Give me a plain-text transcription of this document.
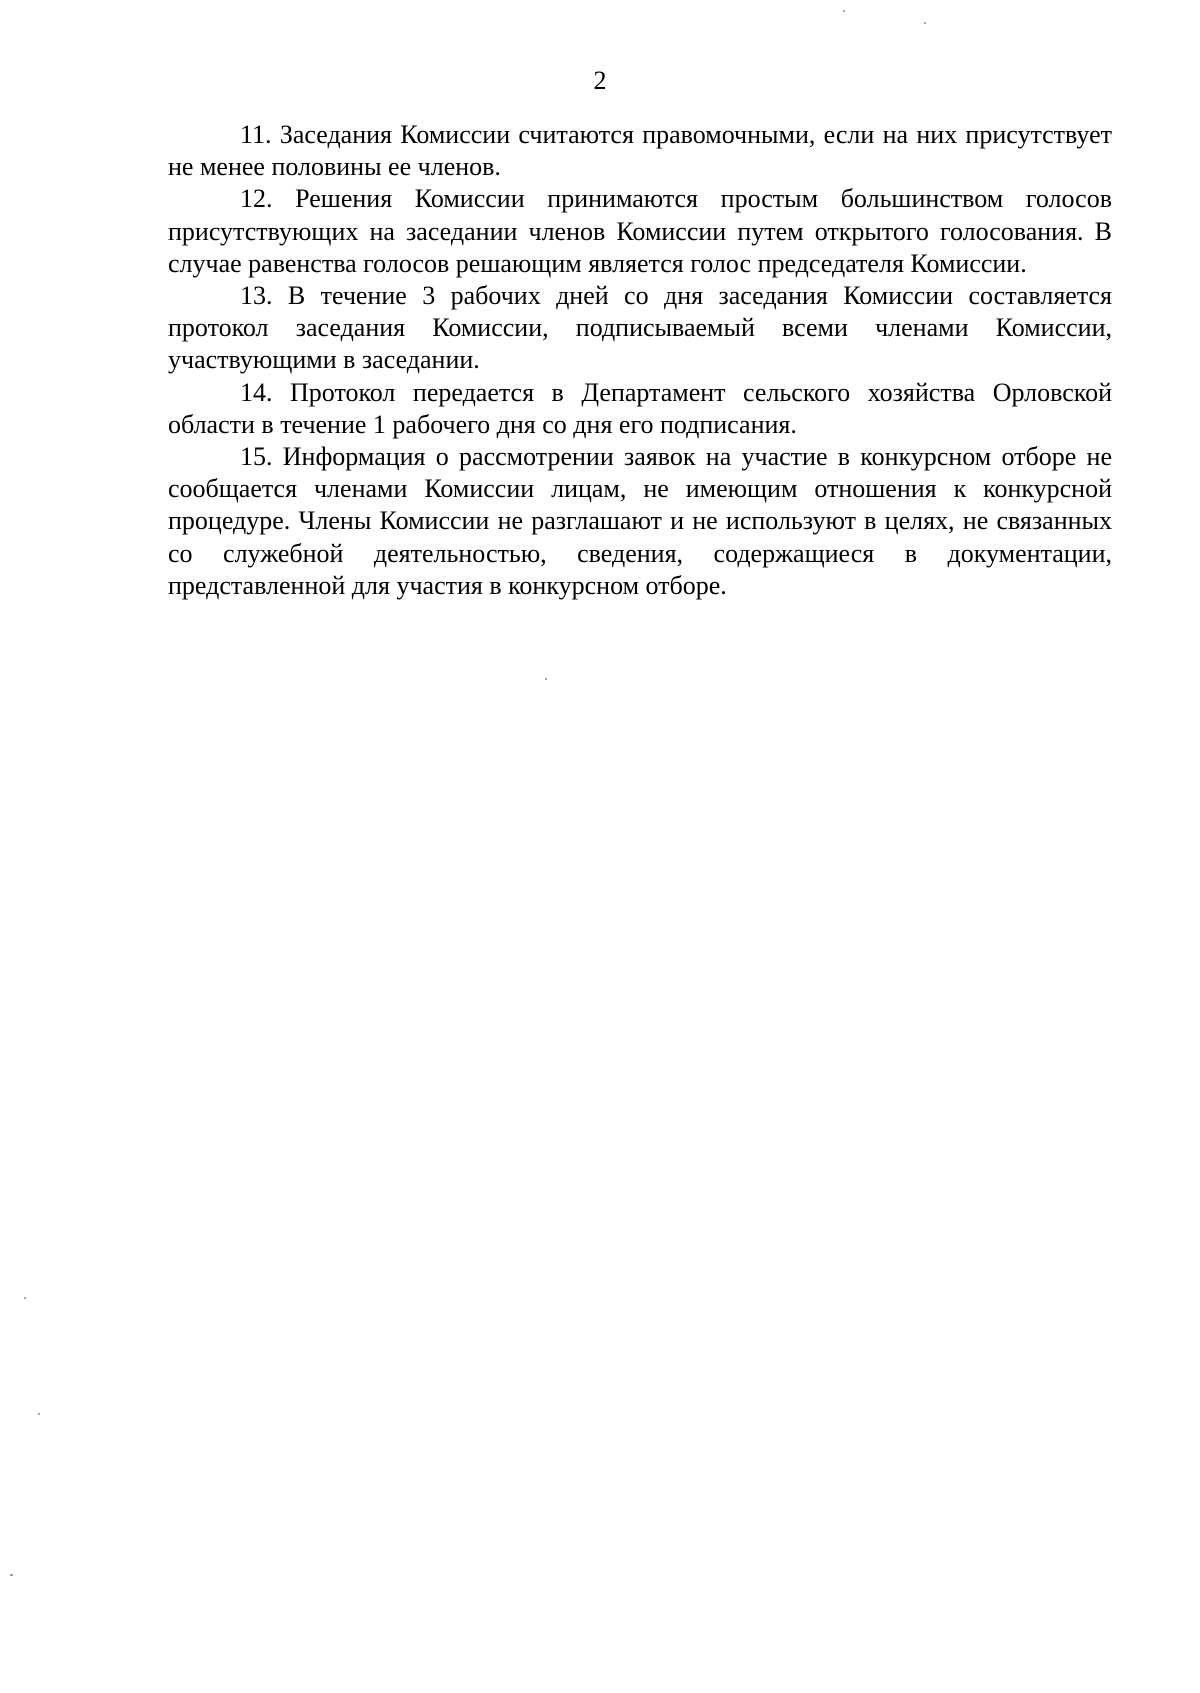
2

11. Заседания Комиссии считаются правомочными, если на них присутствует не менее половины ее членов.

12. Решения Комиссии принимаются простым большинством голосов присутствующих на заседании членов Комиссии путем открытого голосования. В случае равенства голосов решающим является голос председателя Комиссии.

13. В течение 3 рабочих дней со дня заседания Комиссии составляется протокол заседания Комиссии, подписываемый всеми членами Комиссии, участвующими в заседании.

14. Протокол передается в Департамент сельского хозяйства Орловской области в течение 1 рабочего дня со дня его подписания.

15. Информация о рассмотрении заявок на участие в конкурсном отборе не сообщается членами Комиссии лицам, не имеющим отношения к конкурсной процедуре. Члены Комиссии не разглашают и не используют в целях, не связанных со служебной деятельностью, сведения, содержащиеся в документации, представленной для участия в конкурсном отборе.
